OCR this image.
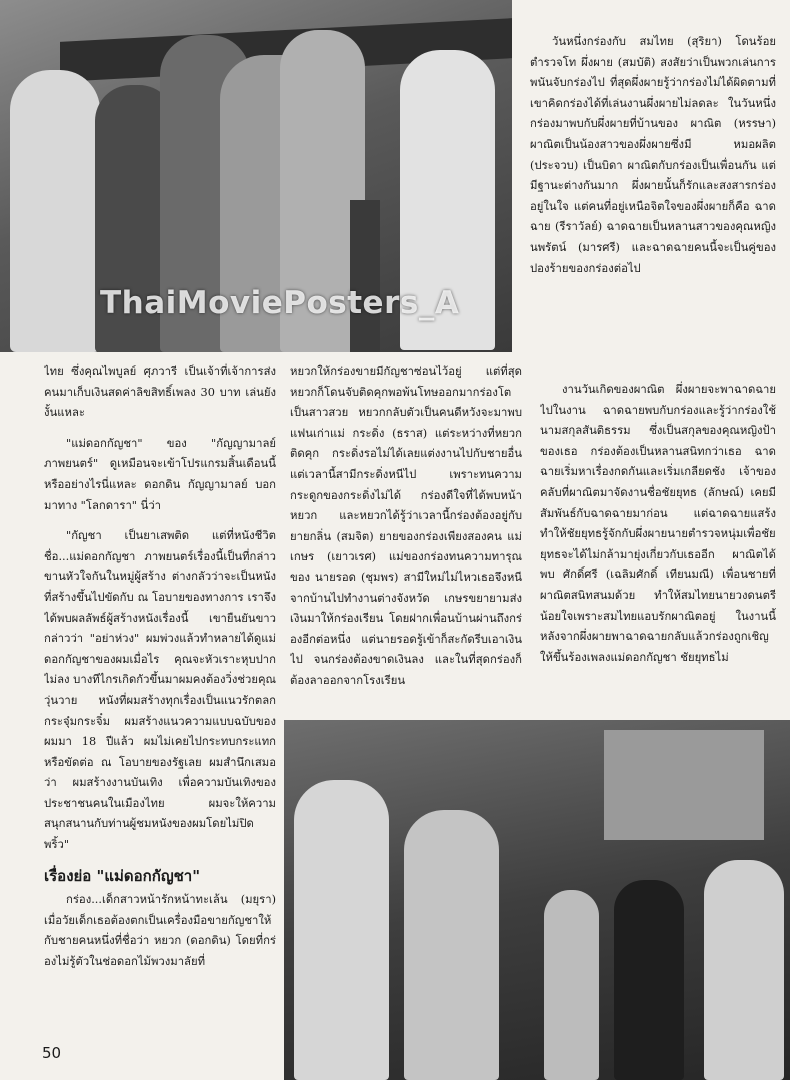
ThaiMoviePosters_A

วันหนึ่งกร่องกับ สมไทย (สุริยา) โดนร้อยตำรวจโท ผึ่งผาย (สมบัติ) สงสัยว่าเป็นพวกเล่นการพนันจับกร่องไป ที่สุดผึ่งผายรู้ว่ากร่องไม่ได้ผิดตามที่เขาคิดกร่องได้ที่เล่นงานผึ่งผายไม่ลดละ ในวันหนึ่งกร่องมาพบกับผึ่งผายที่บ้านของ ผาณิต (หรรษา) ผาณิตเป็นน้องสาวของผึ่งผายซึ่งมี หมอผลิต (ประจวบ) เป็นบิดา ผาณิตกับกร่องเป็นเพื่อนกัน แต่มีฐานะต่างกันมาก ผึ่งผายนั้นก็รักและสงสารกร่องอยู่ในใจ แต่คนที่อยู่เหนือจิตใจของผึ่งผายก็คือ ฉาดฉาย (รีราวัลย์) ฉาดฉายเป็นหลานสาวของคุณหญิง นพรัตน์ (มารศรี) และฉาดฉายคนนี้จะเป็นคู่ของปองร้ายของกร่องต่อไป

ไทย ซึ่งคุณไพบูลย์ ศุภวารี เป็นเจ้าที่เจ้าการส่งคนมาเก็บเงินสดค่าลิขสิทธิ์เพลง 30 บาท เล่นยังงั้นแหละ

"แม่ดอกกัญชา" ของ "กัญญามาลย์ภาพยนตร์" ดูเหมือนจะเข้าโปรแกรมสิ้นเดือนนี้หรืออย่างไรนี่แหละ ดอกดิน กัญญามาลย์ บอกมาทาง "โลกดารา" นี่ว่า

"กัญชา เป็นยาเสพติด แต่ที่หนังชีวิตชื่อ...แม่ดอกกัญชา ภาพยนตร์เรื่องนี้เป็นที่กล่าวขานหัวใจกันในหมู่ผู้สร้าง ต่างกลัวว่าจะเป็นหนังที่สร้างขึ้นไปขัดกับ ณ โอบายของทางการ เราจึงได้พบผลลัพธ์ผู้สร้างหนังเรื่องนี้ เขายืนยันขาวกล่าวว่า "อย่าห่วง" ผมพ่วงแล้วทำหลายได้ดูแม่ดอกกัญชาของผมเมื่อไร คุณจะหัวเราะหุบปากไม่ลง บางทีไกรเกิดกัวขึ้นมาผมคงต้องวิ่งช่วยคุณวุ่นวาย หนังที่ผมสร้างทุกเรื่องเป็นแนวรักตลกกระจุ๋มกระจิ๋ม ผมสร้างแนวความแบบฉบับของผมมา 18 ปีแล้ว ผมไม่เคยไปกระทบกระแทกหรือขัดต่อ ณ โอบายของรัฐเลย ผมสำนึกเสมอว่า ผมสร้างงานบันเทิง เพื่อความบันเทิงของประชาชนคนในเมืองไทย ผมจะให้ความสนุกสนานกับท่านผู้ชมหนังของผมโดยไม่ปิดพริ้ว"

เรื่องย่อ "แม่ดอกกัญชา"

กร่อง...เด็กสาวหน้ารักหน้าทะเล้น (มยุรา) เมื่อวัยเด็กเธอต้องตกเป็นเครื่องมือขายกัญชาให้กับชายคนหนึ่งที่ชื่อว่า หยวก (ดอกดิน) โดยที่กร่องไม่รู้ตัวในช่อดอกไม้พวงมาลัยที่

หยวกให้กร่องขายมีกัญชาซ่อนไว้อยู่ แต่ที่สุดหยวกก็โดนจับติดคุกพอพ้นโทษออกมากร่องโตเป็นสาวสวย หยวกกลับตัวเป็นคนดีหวังจะมาพบแฟนเก่าแม่ กระดิ่ง (ธราส) แต่ระหว่างที่หยวกติดคุก กระดิ่งรอไม่ได้เลยแต่งงานไปกับชายอื่น แต่เวลานี้สามีกระดิ่งหนีไป เพราะทนความกระดูกของกระดิ่งไม่ได้ กร่องดีใจที่ได้พบหน้าหยวก และหยวกได้รู้ว่าเวลานี้กร่องต้องอยู่กับ ยายกลิ่น (สมจิต) ยายของกร่องเพียงสองคน แม่เกษร (เยาวเรศ) แม่ของกร่องทนความทารุณของ นายรอด (ชุมพร) สามีใหม่ไม่ไหวเธอจึงหนีจากบ้านไปทำงานต่างจังหวัด เกษรขยายามส่งเงินมาให้กร่องเรียน โดยฝากเพื่อนบ้านผ่านถึงกร่องอีกต่อหนึ่ง แต่นายรอดรู้เข้าก็สะกัดรีบเอาเงินไป จนกร่องต้องขาดเงินลง และในที่สุดกร่องก็ต้องลาออกจากโรงเรียน

งานวันเกิดของผาณิต ผึ่งผายจะพาฉาดฉายไปในงาน ฉาดฉายพบกับกร่องและรู้ว่ากร่องใช้นามสกุลสันติธรรม ซึ่งเป็นสกุลของคุณหญิงป้าของเธอ กร่องต้องเป็นหลานสนิทกว่าเธอ ฉาดฉายเริ่มหาเรื่องกดกันและเริ่มเกลียดชัง เจ้าของคลับที่ผาณิตมาจัดงานชื่อชัยยุทธ (ลักษณ์) เคยมีสัมพันธ์กับฉาดฉายมาก่อน แต่ฉาดฉายแสร้งทำให้ชัยยุทธรู้จักกับผึ่งผายนายตำรวจหนุ่มเพื่อชัยยุทธจะได้ไม่กล้ามายุ่งเกี่ยวกับเธออีก ผาณิตได้พบ ศักดิ์ศรี (เฉลิมศักดิ์ เทียนมณี) เพื่อนชายที่ผาณิตสนิทสนมด้วย ทำให้สมไทยนายวงดนตรีน้อยใจเพราะสมไทยแอบรักผาณิตอยู่ ในงานนี้หลังจากผึ่งผายพาฉาดฉายกลับแล้วกร่องถูกเชิญให้ขึ้นร้องเพลงแม่ดอกกัญชา ชัยยุทธไม่

50
